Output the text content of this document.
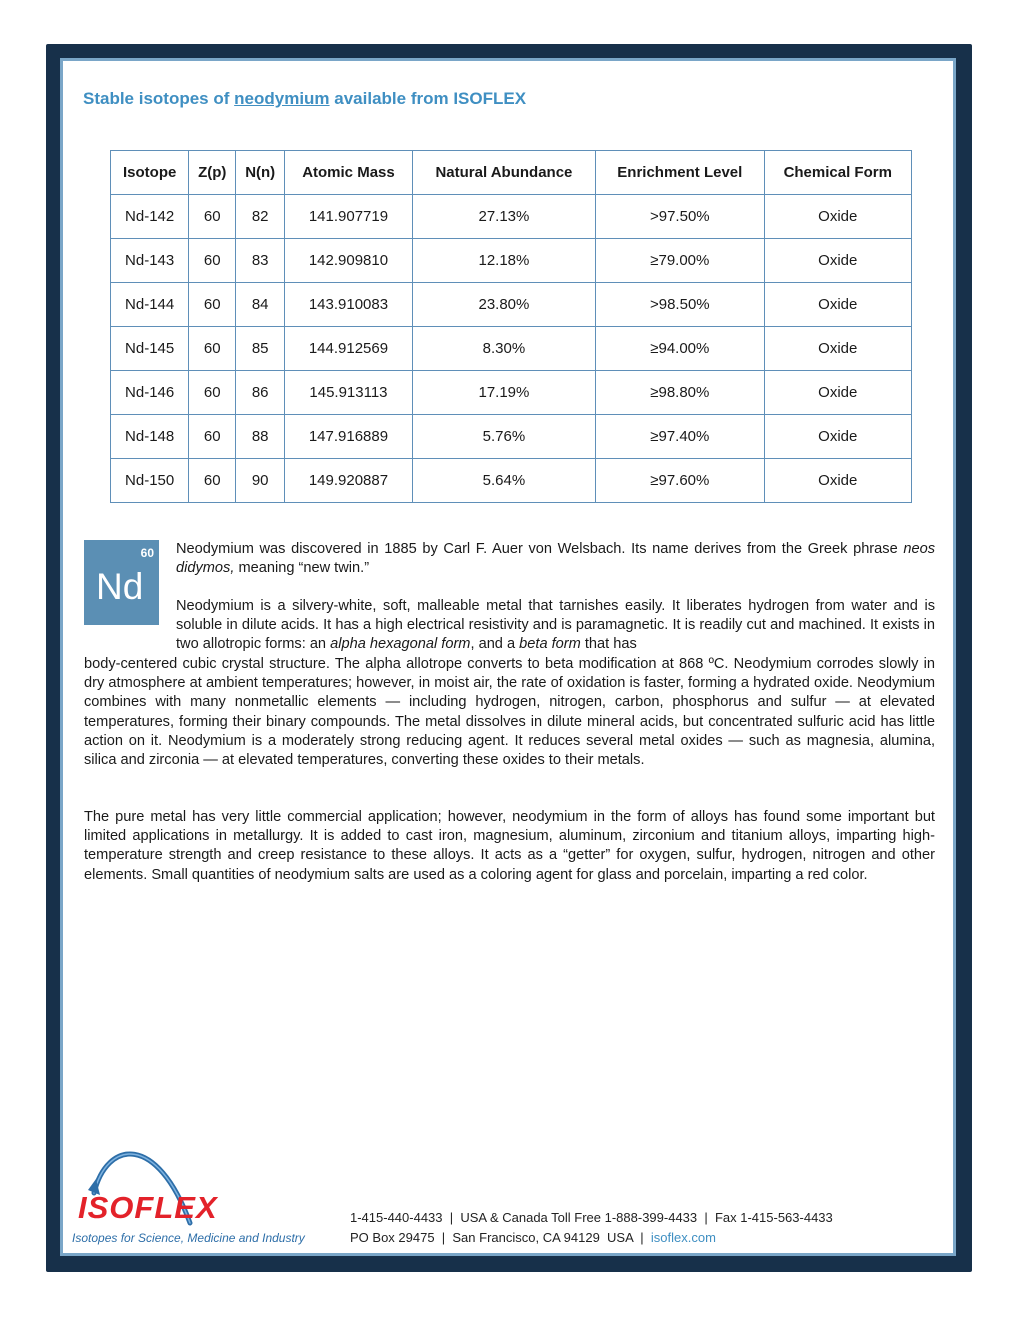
Stable isotopes of neodymium available from ISOFLEX
Isotope	Z(p)	N(n)	Atomic Mass	Natural Abundance	Enrichment Level	Chemical Form
Nd-142	60	82	141.907719	27.13%	>97.50%	Oxide
Nd-143	60	83	142.909810	12.18%	≥79.00%	Oxide
Nd-144	60	84	143.910083	23.80%	>98.50%	Oxide
Nd-145	60	85	144.912569	8.30%	≥94.00%	Oxide
Nd-146	60	86	145.913113	17.19%	≥98.80%	Oxide
Nd-148	60	88	147.916889	5.76%	≥97.40%	Oxide
Nd-150	60	90	149.920887	5.64%	≥97.60%	Oxide
60
Nd

Neodymium was discovered in 1885 by Carl F. Auer von Welsbach. Its name derives from the Greek phrase neos didymos, meaning “new twin.”

Neodymium is a silvery-white, soft, malleable metal that tarnishes easily. It liberates hydrogen from water and is soluble in dilute acids. It has a high electrical resistivity and is paramagnetic. It is readily cut and machined. It exists in two allotropic forms: an alpha hexagonal form, and a beta form that has

body-centered cubic crystal structure. The alpha allotrope converts to beta modification at 868 ºC. Neodymium corrodes slowly in dry atmosphere at ambient temperatures; however, in moist air, the rate of oxidation is faster, forming a hydrated oxide. Neodymium combines with many nonmetallic elements — including hydrogen, nitrogen, carbon, phosphorus and sulfur — at elevated temperatures, forming their binary compounds. The metal dissolves in dilute mineral acids, but concentrated sulfuric acid has little action on it. Neodymium is a moderately strong reducing agent. It reduces several metal oxides — such as magnesia, alumina, silica and zirconia — at elevated temperatures, converting these oxides to their metals.

The pure metal has very little commercial application; however, neodymium in the form of alloys has found some important but limited applications in metallurgy. It is added to cast iron, magnesium, aluminum, zirconium and titanium alloys, imparting high-temperature strength and creep resistance to these alloys. It acts as a “getter” for oxygen, sulfur, hydrogen, nitrogen and other elements. Small quantities of neodymium salts are used as a coloring agent for glass and porcelain, imparting a red color.

ISOFLEX
Isotopes for Science, Medicine and Industry
1-415-440-4433  |  USA & Canada Toll Free 1-888-399-4433  |  Fax 1-415-563-4433
PO Box 29475  |  San Francisco, CA 94129  USA  |  isoflex.com
